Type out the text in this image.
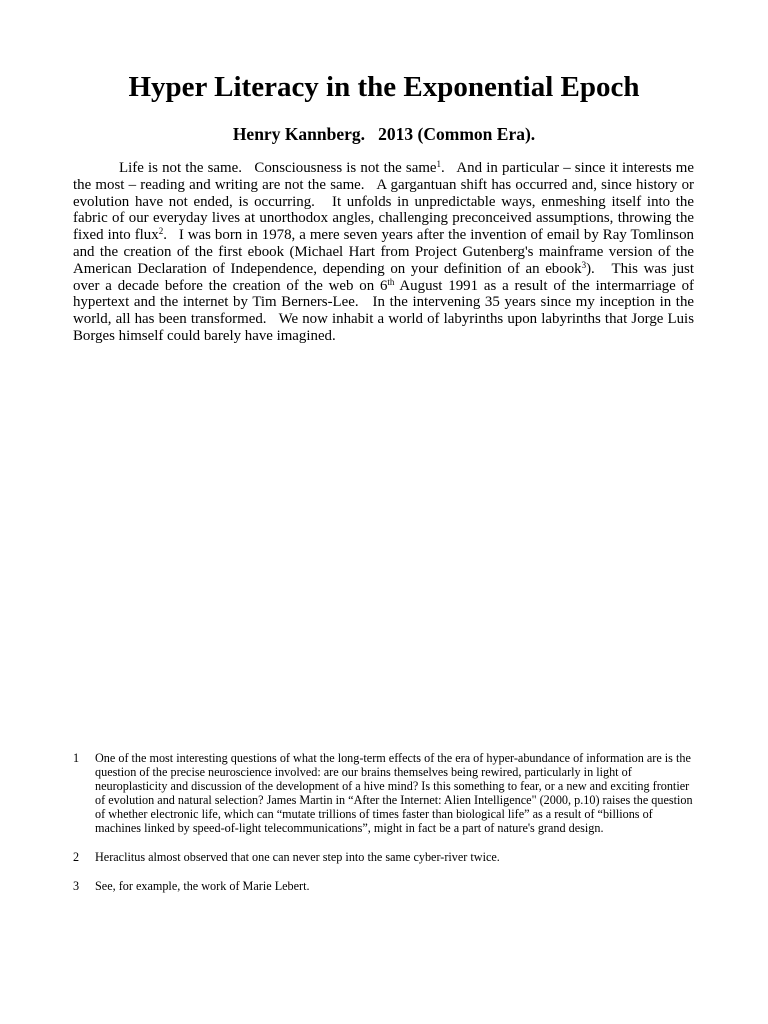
Hyper Literacy in the Exponential Epoch

Henry Kannberg.   2013 (Common Era).

Life is not the same.   Consciousness is not the same$^1$.   And in particular – since it interests me the most – reading and writing are not the same.   A gargantuan shift has occurred and, since history or evolution have not ended, is occurring.   It unfolds in unpredictable ways, enmeshing itself into the fabric of our everyday lives at unorthodox angles, challenging preconceived assumptions, throwing the fixed into flux$^2$.   I was born in 1978, a mere seven years after the invention of email by Ray Tomlinson and the creation of the first ebook (Michael Hart from Project Gutenberg's mainframe version of the American Declaration of Independence, depending on your definition of an ebook$^3$).   This was just over a decade before the creation of the web on 6th August 1991 as a result of the intermarriage of hypertext and the internet by Tim Berners-Lee.   In the intervening 35 years since my inception in the world, all has been transformed.   We now inhabit a world of labyrinths upon labyrinths that Jorge Luis Borges himself could barely have imagined.

1	One of the most interesting questions of what the long-term effects of the era of hyper-abundance of information are is the question of the precise neuroscience involved: are our brains themselves being rewired, particularly in light of neuroplasticity and discussion of the development of a hive mind? Is this something to fear, or a new and exciting frontier of evolution and natural selection? James Martin in “After the Internet: Alien Intelligence" (2000, p.10) raises the question of whether electronic life, which can “mutate trillions of times faster than biological life” as a result of “billions of machines linked by speed-of-light telecommunications”, might in fact be a part of nature's grand design.
2	Heraclitus almost observed that one can never step into the same cyber-river twice.
3	See, for example, the work of Marie Lebert.
